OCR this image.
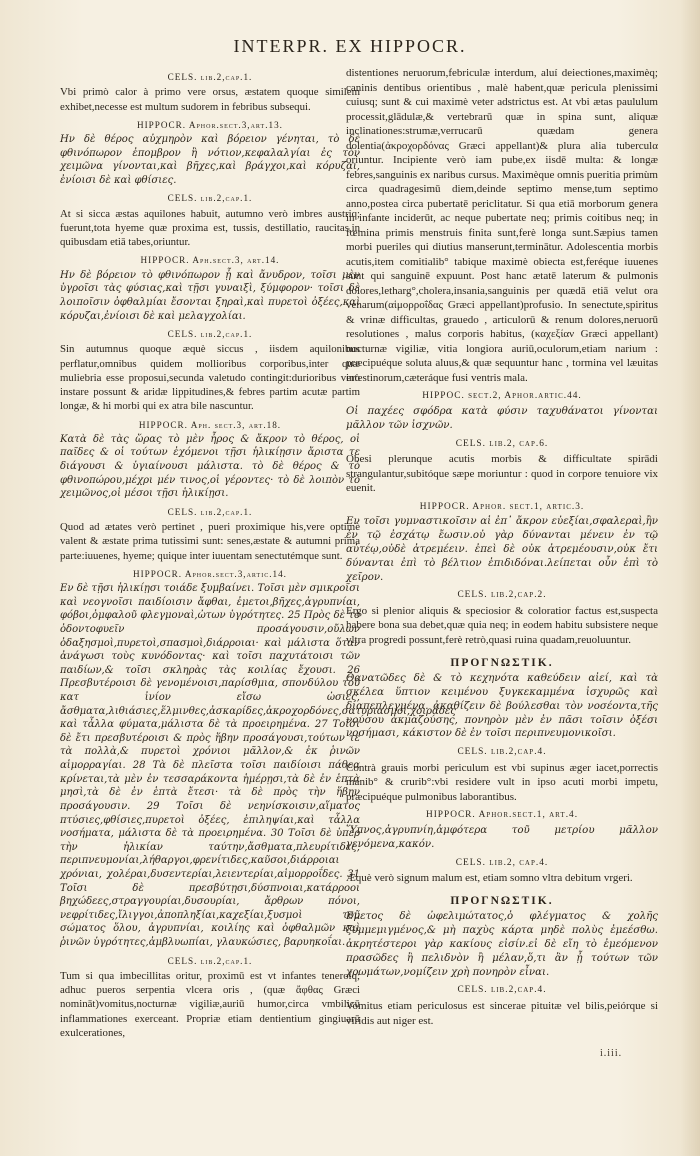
INTERPR. EX HIPPOCR.

CELS. lib.2,cap.1.

Vbi primò calor à primo vere orsus, æstatem quoque similem exhibet,necesse est multum sudorem in febribus subsequi.

HIPPOCR. Aphor.sect.3,art.13.

Ην δὲ θέρος αὐχμηρὸν καὶ βόρειον γένηται, τὸ δὲ φθινόπωρον ἐπομβρον ἢ νότιον,κεφαλαλγίαι ἐς τὸν χειμῶνα γίνονται,καὶ βῆχες,καὶ βράγχοι,καὶ κόρυζαι, ἐνίοισι δὲ καὶ φθίσιες.

CELS. lib.2,cap.1.

At si sicca æstas aquilones habuit, autumno verò imbres austriq; fuerunt,tota hyeme quæ proxima est, tussis, destillatio, raucitas,in quibusdam etiā tabes,oriuntur.

HIPPOCR. Aph.sect.3, art.14.

Ην δὲ βόρειον τὸ φθινόπωρον ᾖ καὶ ἄνυδρον, τοῖσι μὲν ὑγροῖσι τὰς φύσιας,καὶ τῇσι γυναιξὶ, ξύμφορον· τοῖσι δὲ λοιποῖσιν ὀφθαλμίαι ἔσονται ξηραὶ,καὶ πυρετοὶ ὀξέες,καὶ κόρυζαι,ἐνίοισι δὲ καὶ μελαγχολίαι.

CELS. lib.2,cap.1.

Sin autumnus quoque æquè siccus , iisdem aquilonibus perflatur,omnibus quidem mollioribus corporibus,inter quæ muliebria esse proposui,secunda valetudo contingit:durioribus verò instare possunt & aridæ lippitudines,& febres partim acutæ partim longæ, & hi morbi qui ex atra bile nascuntur.

HIPPOCR. Aph. sect.3, art.18.

Κατὰ δὲ τὰς ὥρας τὸ μὲν ἦρος & ἄκρον τὸ θέρος, οἱ παῖδες & οἱ τούτων ἐχόμενοι τῇσι ἡλικίῃσιν ἄριστα τε διάγουσι & ὑγιαίνουσι μάλιστα. τὸ δὲ θέρος & τὸ φθινοπώρου,μέχρι μέν τινος,οἱ γέροντες· τὸ δὲ λοιπὸν τὸ χειμῶνος,οἱ μέσοι τῇσι ἡλικίῃσι.

CELS. lib.2,cap.1.

Quod ad ætates verò pertinet , pueri proximique his,vere optimè valent & æstate prima tutissimi sunt: senes,æstate & autumni prima parte:iuuenes, hyeme; quique inter iuuentam senectutémque sunt.

HIPPOCR. Aphor.sect.3,artic.14.

Εν δὲ τῇσι ἡλικίῃσι τοιάδε ξυμβαίνει. Τοῖσι μὲν σμικροῖσι καὶ νεογνοῖσι παιδίοισιν ἄφθαι, ἐμετοι,βῆχες,ἀγρυπνίαι, φόβοι,ὀμφαλοῦ φλεγμοναὶ,ὠτων ὑγρότητες. 25 Πρὸς δὲ τὸ ὀδοντοφυεῖν προσάγουσιν,οὔλων ὀδαξησμοὶ,πυρετοὶ,σπασμοὶ,διάρροιαι· καὶ μάλιστα ὅταν ἀνάγωσι τοὺς κυνόδοντας· καὶ τοῖσι παχυτάτοισι τῶν παιδίων,& τοῖσι σκληρὰς τὰς κοιλίας ἔχουσι. 26 Πρεσβυτέροισι δὲ γενομένοισι,παρίσθμια, σπονδύλου τοῦ κατ ἰνίον εἴσω ὠσιες, ἄσθματα,λιθιάσιες,ἕλμινθες,ἀσκαρίδες,ἀκροχορδόνες,σατυριασμοὶ,χοιράδες καὶ τἆλλα φύματα,μάλιστα δὲ τὰ προειρημένα. 27 Τοῖσι δὲ ἔτι πρεσβυτέροισι & πρὸς ἥβην προσάγουσι,τούτων τε τὰ πολλὰ,& πυρετοὶ χρόνιοι μᾶλλον,& ἐκ ῥινῶν αἱμορραγίαι. 28 Τὰ δὲ πλεῖστα τοῖσι παιδίοισι πάθεα κρίνεται,τὰ μὲν ἐν τεσσαράκοντα ἡμέρῃσι,τὰ δὲ ἐν ἑπτὰ μησὶ,τὰ δὲ ἐν ἑπτὰ ἔτεσι· τὰ δὲ πρὸς τὴν ἥβην προσάγουσιν. 29 Τοῖσι δὲ νεηνίσκοισιν,αἵματος πτύσιες,φθίσιες,πυρετοὶ ὀξέες, ἐπιληψίαι,καὶ τἆλλα νοσήματα, μάλιστα δὲ τὰ προειρημένα. 30 Τοῖσι δὲ ὑπὲρ τὴν ἡλικίαν ταύτην,ἄσθματα,πλευρίτιδες, περιπνευμονίαι,λήθαργοι,φρενίτιδες,καῦσοι,διάρροιαι χρόνιαι, χολέραι,δυσεντερίαι,λειεντερίαι,αἱμορροΐδες. 31 Τοῖσι δὲ πρεσβύτῃσι,δύσπνοιαι,κατάρροοι βηχώδεες,στραγγουρίαι,δυσουρίαι, ἄρθρων πόνοι, νεφρίτιδες,ἴλιγγοι,ἀποπληξίαι,καχεξίαι,ξυσμοὶ τοῦ σώματος ὅλου, ἀγρυπνίαι, κοιλίης καὶ ὀφθαλμῶν καὶ ῥινῶν ὑγρότητες,ἀμβλυωπίαι, γλαυκώσιες, βαρυηκοΐαι.

CELS. lib.2,cap.1.

Tum si qua imbecillitas oritur, proximū est vt infantes teneroſq; adhuc pueros serpentia vlcera oris , (quæ ἄφθας Græci nomināt)vomitus,nocturnæ vigiliæ,auriū humor,circa vmbilicū inflammationes exerceant. Propriæ etiam dentientium gingiuarū exulcerationes,

distentiones neruorum,febriculæ interdum, aluí deiectiones,maximèq; caninis dentibus orientibus , malè habent,quæ pericula plenissimi cuiusq; sunt & cui maximè veter adstrictus est. At vbi ætas paululum processit,glādulæ,& vertebrarū quæ in spina sunt, aliquæ inclinationes:strumæ,verrucarū quædam genera dolentia(ἀκροχορδόνας Græci appellant)& plura alia tuberculα oriuntur. Incipiente verò iam pube,ex iisdē multa: & longæ febres,sanguinis ex naribus cursus. Maximèque omnis pueritia primùm circa quadragesimū diem,deinde septimo mense,tum septimo anno,postea circa pubertatē periclitatur. Si qua etiā morborum genera in infante inciderūt, ac neque pubertate neq; primis coitibus neq; in fœmina primis menstruis finita sunt,ferè longa sunt.Sæpius tamen morbi pueriles qui diutius manserunt,terminātur. Adolescentia morbis acutis,item comitialib° tabique maximè obiecta est,feréque iuuenes sunt qui sanguinē expuunt. Post hanc ætatē laterum & pulmonis dolores,letharg°,cholera,insania,sanguinis per quædā etiā velut ora venarum(αἱμορροΐδας Græci appellant)profusio. In senectute,spiritus & vrinæ difficultas, grauedo , articulorū & renum dolores,neruorū resolutiones , malus corporis habitus, (καχεξίαν Græci appellant) nocturnæ vigiliæ, vitia longiora auriū,oculorum,etiam narium : præcipuéque soluta aluus,& quæ sequuntur hanc , tormina vel læuitas intestinorum,cæteráque fusi ventris mala.

HIPPOC. sect.2, Aphor.artic.44.

Οἱ παχέες σφόδρα κατὰ φύσιν ταχυθάνατοι γίνονται μᾶλλον τῶν ἰσχνῶν.

CELS. lib.2, cap.6.

Obesi plerunque acutis morbis & difficultate spirādi strangulantur,subitóque sæpe moriuntur : quod in corpore tenuiore vix euenit.

HIPPOCR. Aphor. sect.1, artic.3.

Εν τοῖσι γυμναστικοῖσιν αἱ ἐπ᾽ ἄκρον εὐεξίαι,σφαλεραὶ,ἢν ἐν τῷ ἐσχάτῳ ἔωσιν.οὐ γὰρ δύνανται μένειν ἐν τῷ αὐτέῳ,οὐδὲ ἀτρεμέειν. ἐπεὶ δὲ οὐκ ἀτρεμέουσιν,οὐκ ἔτι δύνανται ἐπὶ τὸ βέλτιον ἐπιδιδόναι.λείπεται οὖν ἐπὶ τὸ χεῖρον.

CELS. lib.2,cap.2.

Ergo si plenior aliquis & speciosior & coloratior factus est,suspecta habere bona sua debet,quæ quia neq; in eodem habitu subsistere neque vltra progredi possunt,ferè retrò,quasi ruina quadam,reuoluuntur.

ΠΡΟΓΝΩΣΤΙΚ.

Θανατῶδες δὲ & τὸ κεχηνότα καθεύδειν αἰεί, καὶ τὰ σκέλεα ὕπτιον κειμένου ξυγκεκαμμένα ἰσχυρῶς καὶ διαπεπλεγμένα. ἀκαθίζειν δὲ βούλεσθαι τὸν νοσέοντα,τῆς νούσου ἀκμαζούσης, πονηρὸν μὲν ἐν πᾶσι τοῖσιν ὀξέσι νοσήμασι, κάκιστον δὲ ἐν τοῖσι περιπνευμονικοῖσι.

CELS. lib.2,cap.4.

Contrà grauis morbi periculum est vbi supinus æger iacet,porrectis manib° & crurib°:vbi residere vult in ipso acuti morbi impetu, præcipuéque pulmonibus laborantibus.

HIPPOCR. Aphor.sect.1, art.4.

Ὕπνος,ἀγρυπνίη,ἀμφότερα τοῦ μετρίου μᾶλλον γενόμενα,κακόν.

CELS. lib.2, cap.4.

Æquè verò signum malum est, etiam somno vltra debitum vrgeri.

ΠΡΟΓΝΩΣΤΙΚ.

Εμετος δὲ ὠφελιμώτατος,ὁ φλέγματος & χολῆς ξυμμεμιγμένος,& μὴ παχὺς κάρτα μηδὲ πολὺς ἐμεέσθω. ἀκρητέστεροι γὰρ κακίους εἰσίν.εἰ δὲ εἴη τὸ ἐμεόμενον πρασῶδες ἢ πελιδνὸν ἢ μέλαν,ὅ,τι ἂν ᾖ τούτων τῶν χρωμάτων,νομίζειν χρὴ πονηρὸν εἶναι.

CELS. lib.2,cap.4.

Vomitus etiam periculosus est sincerae pituitæ vel bilis,peiórque si viridis aut niger est.

i.iii.
